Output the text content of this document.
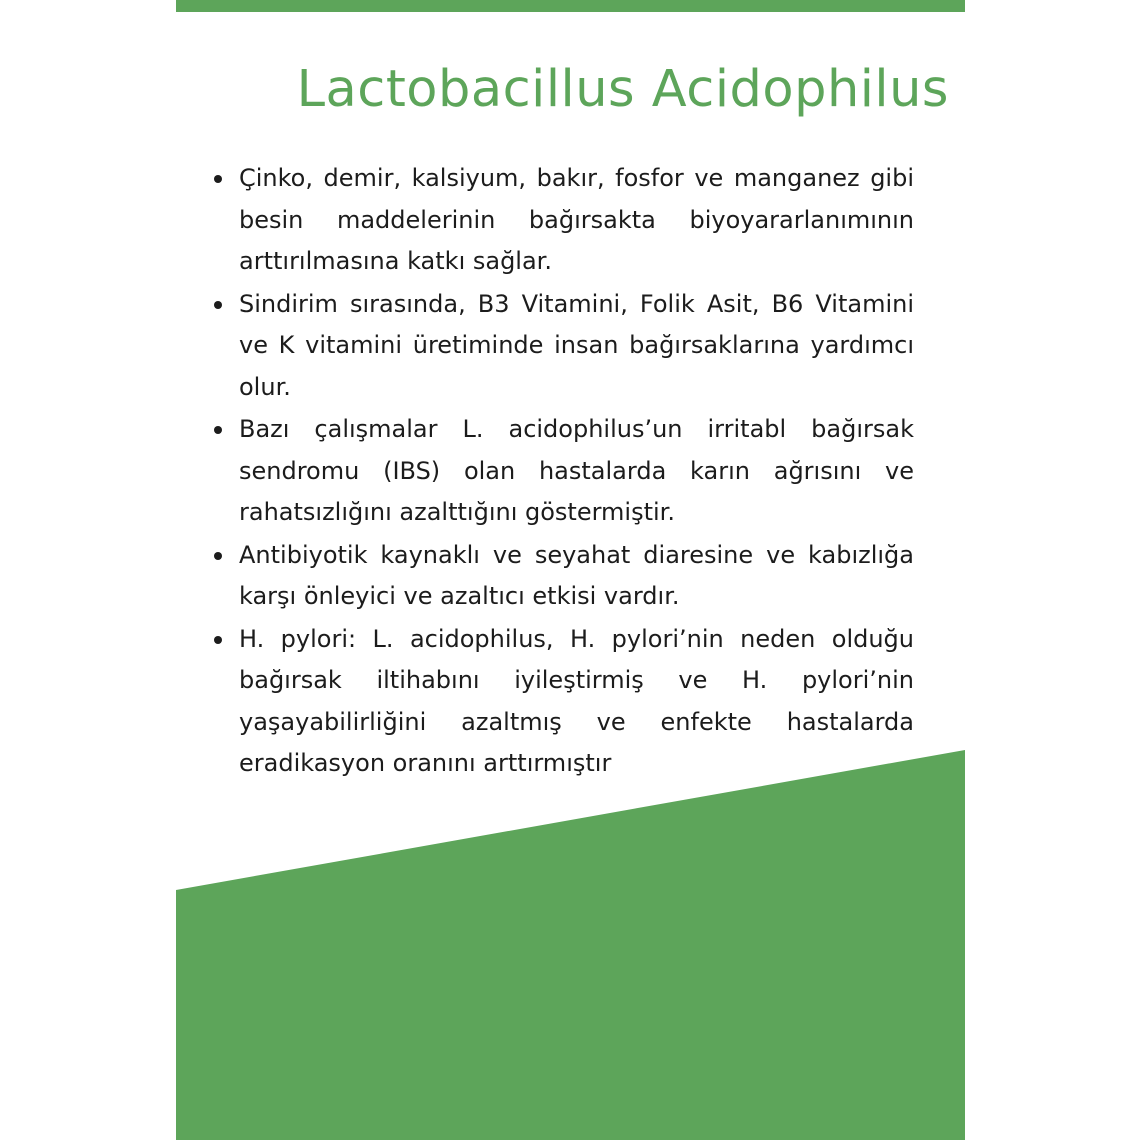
Lactobacillus Acidophilus
Çinko, demir, kalsiyum, bakır, fosfor ve manganez gibi besin maddelerinin bağırsakta biyoyararlanımının arttırılmasına katkı sağlar.
Sindirim sırasında, B3 Vitamini, Folik Asit, B6 Vitamini ve K vitamini üretiminde insan bağırsaklarına yardımcı olur.
Bazı çalışmalar L. acidophilus’un irritabl bağırsak sendromu (IBS) olan hastalarda karın ağrısını ve rahatsızlığını azalttığını göstermiştir.
Antibiyotik kaynaklı ve seyahat diaresine ve kabızlığa karşı önleyici ve azaltıcı etkisi vardır.
H. pylori: L. acidophilus, H. pylori’nin neden olduğu bağırsak iltihabını iyileştirmiş ve H. pylori’nin yaşayabilirliğini azaltmış ve enfekte hastalarda eradikasyon oranını arttırmıştır
